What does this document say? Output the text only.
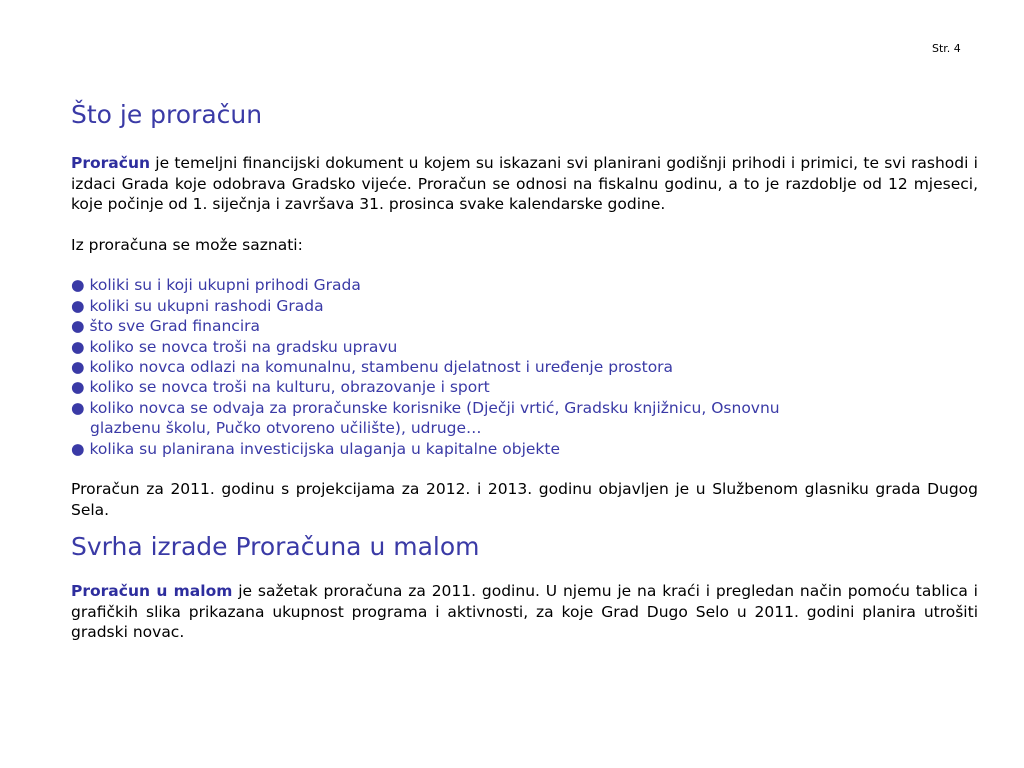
Str. 4
Što je proračun

Proračun je temeljni financijski dokument u kojem su iskazani svi planirani godišnji prihodi i primici, te svi rashodi i izdaci Grada koje odobrava Gradsko vijeće. Proračun se odnosi na fiskalnu godinu, a to je razdoblje od 12 mjeseci, koje počinje od 1. siječnja i završava 31. prosinca svake kalendarske godine.

Iz proračuna se može saznati:

● koliki su i koji ukupni prihodi Grada
● koliki su ukupni rashodi Grada
● što sve Grad financira
● koliko se novca troši na gradsku upravu
● koliko novca odlazi na komunalnu, stambenu djelatnost i uređenje prostora
● koliko se novca troši na kulturu, obrazovanje i sport
● koliko novca se odvaja za proračunske korisnike (Dječji vrtić, Gradsku knjižnicu, Osnovnu
glazbenu školu, Pučko otvoreno učilište), udruge…
● kolika su planirana investicijska ulaganja u kapitalne objekte

Proračun za 2011. godinu s projekcijama za 2012. i 2013. godinu objavljen je u Službenom glasniku grada Dugog Sela.

Svrha izrade Proračuna u malom

Proračun u malom je sažetak proračuna za 2011. godinu. U njemu je na kraći i pregledan način pomoću tablica i grafičkih slika prikazana ukupnost programa i aktivnosti, za koje Grad Dugo Selo u 2011. godini planira utrošiti gradski novac.
